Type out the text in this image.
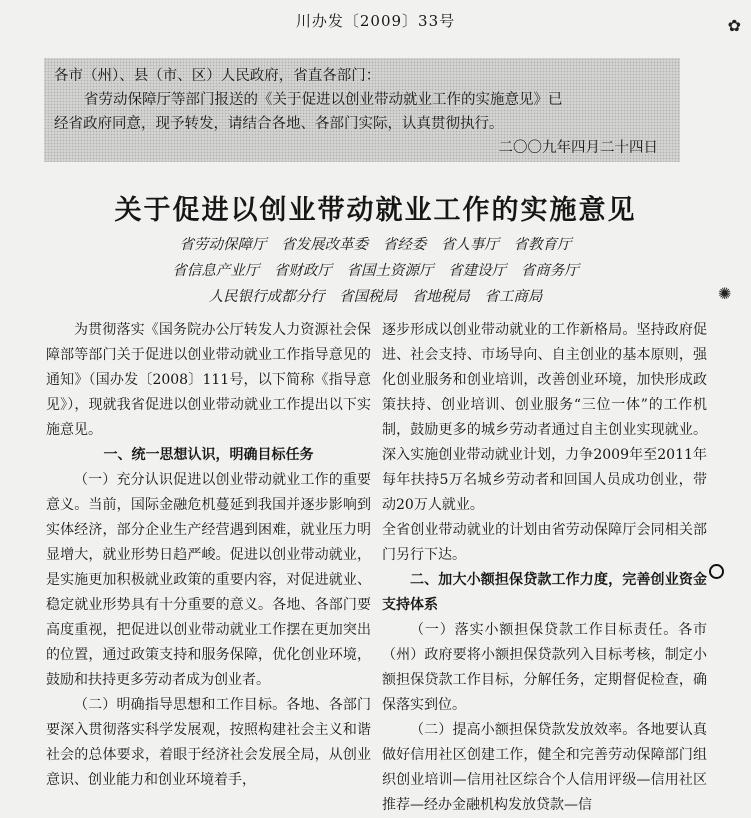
川办发〔2009〕33号

各市（州）、县（市、区）人民政府，省直各部门：

省劳动保障厅等部门报送的《关于促进以创业带动就业工作的实施意见》已

经省政府同意，现予转发，请结合各地、各部门实际，认真贯彻执行。

二〇〇九年四月二十四日

关于促进以创业带动就业工作的实施意见
省劳动保障厅 省发展改革委 省经委 省人事厅 省教育厅
省信息产业厅 省财政厅 省国土资源厅 省建设厅 省商务厅
人民银行成都分行 省国税局 省地税局 省工商局

为贯彻落实《国务院办公厅转发人力资源社会保障部等部门关于促进以创业带动就业工作指导意见的通知》（国办发〔2008〕111号，以下简称《指导意见》），现就我省促进以创业带动就业工作提出以下实施意见。

一、统一思想认识，明确目标任务

（一）充分认识促进以创业带动就业工作的重要意义。当前，国际金融危机蔓延到我国并逐步影响到实体经济，部分企业生产经营遇到困难，就业压力明显增大，就业形势日趋严峻。促进以创业带动就业，是实施更加积极就业政策的重要内容，对促进就业、稳定就业形势具有十分重要的意义。各地、各部门要高度重视，把促进以创业带动就业工作摆在更加突出的位置，通过政策支持和服务保障，优化创业环境，鼓励和扶持更多劳动者成为创业者。

（二）明确指导思想和工作目标。各地、各部门要深入贯彻落实科学发展观，按照构建社会主义和谐社会的总体要求，着眼于经济社会发展全局，从创业意识、创业能力和创业环境着手，

逐步形成以创业带动就业的工作新格局。坚持政府促进、社会支持、市场导向、自主创业的基本原则，强化创业服务和创业培训，改善创业环境，加快形成政策扶持、创业培训、创业服务“三位一体”的工作机制，鼓励更多的城乡劳动者通过自主创业实现就业。深入实施创业带动就业计划，力争2009年至2011年每年扶持5万名城乡劳动者和回国人员成功创业，带动20万人就业。

全省创业带动就业的计划由省劳动保障厅会同相关部门另行下达。

二、加大小额担保贷款工作力度，完善创业资金支持体系

（一）落实小额担保贷款工作目标责任。各市（州）政府要将小额担保贷款列入目标考核，制定小额担保贷款工作目标，分解任务，定期督促检查，确保落实到位。

（二）提高小额担保贷款发放效率。各地要认真做好信用社区创建工作，健全和完善劳动保障部门组织创业培训—信用社区综合个人信用评级—信用社区推荐—经办金融机构发放贷款—信

✿
✺
